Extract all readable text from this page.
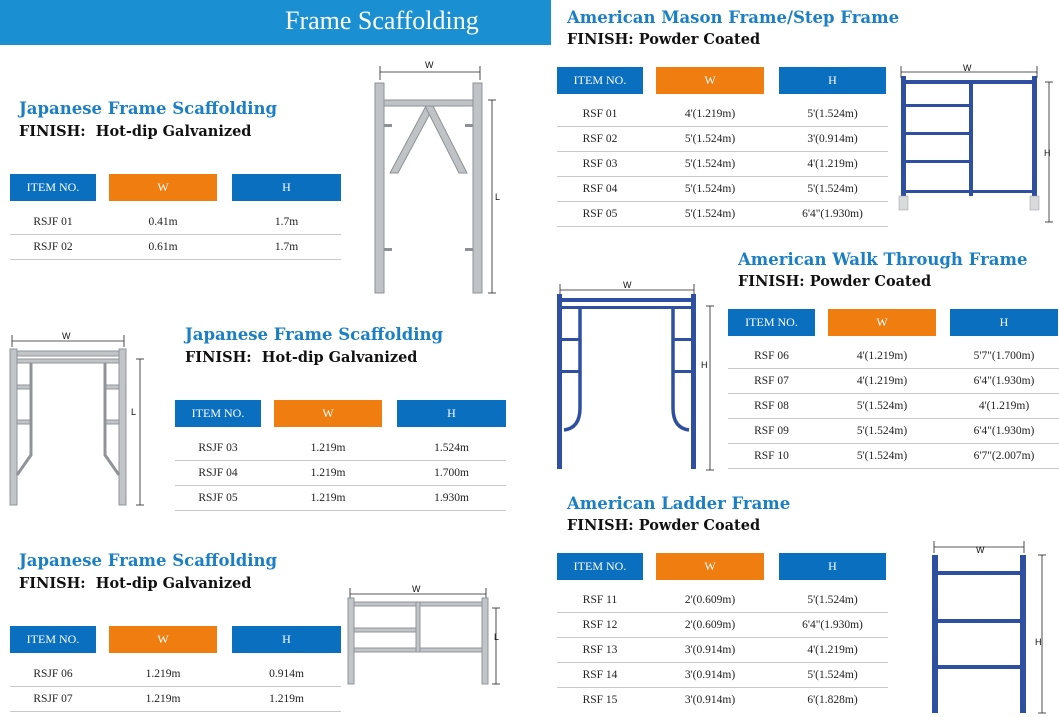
Frame Scaffolding
Japanese Frame Scaffolding
FINISH: Hot-dip Galvanized
ITEM NO.	W	H
RSJF 01	0.41m	1.7m
RSJF 02	0.61m	1.7m
W
L
W
L
Japanese Frame Scaffolding
FINISH: Hot-dip Galvanized
ITEM NO.	W	H
RSJF 03	1.219m	1.524m
RSJF 04	1.219m	1.700m
RSJF 05	1.219m	1.930m
Japanese Frame Scaffolding
FINISH: Hot-dip Galvanized
ITEM NO.	W	H
RSJF 06	1.219m	0.914m
RSJF 07	1.219m	1.219m
W
L
American Mason Frame/Step Frame
FINISH: Powder Coated
ITEM NO.	W	H
RSF 01	4'(1.219m)	5'(1.524m)
RSF 02	5'(1.524m)	3'(0.914m)
RSF 03	5'(1.524m)	4'(1.219m)
RSF 04	5'(1.524m)	5'(1.524m)
RSF 05	5'(1.524m)	6'4"(1.930m)
W
H
W
H
American Walk Through Frame
FINISH: Powder Coated
ITEM NO.	W	H
RSF 06	4'(1.219m)	5'7"(1.700m)
RSF 07	4'(1.219m)	6'4"(1.930m)
RSF 08	5'(1.524m)	4'(1.219m)
RSF 09	5'(1.524m)	6'4"(1.930m)
RSF 10	5'(1.524m)	6'7"(2.007m)
American Ladder Frame
FINISH: Powder Coated
ITEM NO.	W	H
RSF 11	2'(0.609m)	5'(1.524m)
RSF 12	2'(0.609m)	6'4"(1.930m)
RSF 13	3'(0.914m)	4'(1.219m)
RSF 14	3'(0.914m)	5'(1.524m)
RSF 15	3'(0.914m)	6'(1.828m)
W
H
